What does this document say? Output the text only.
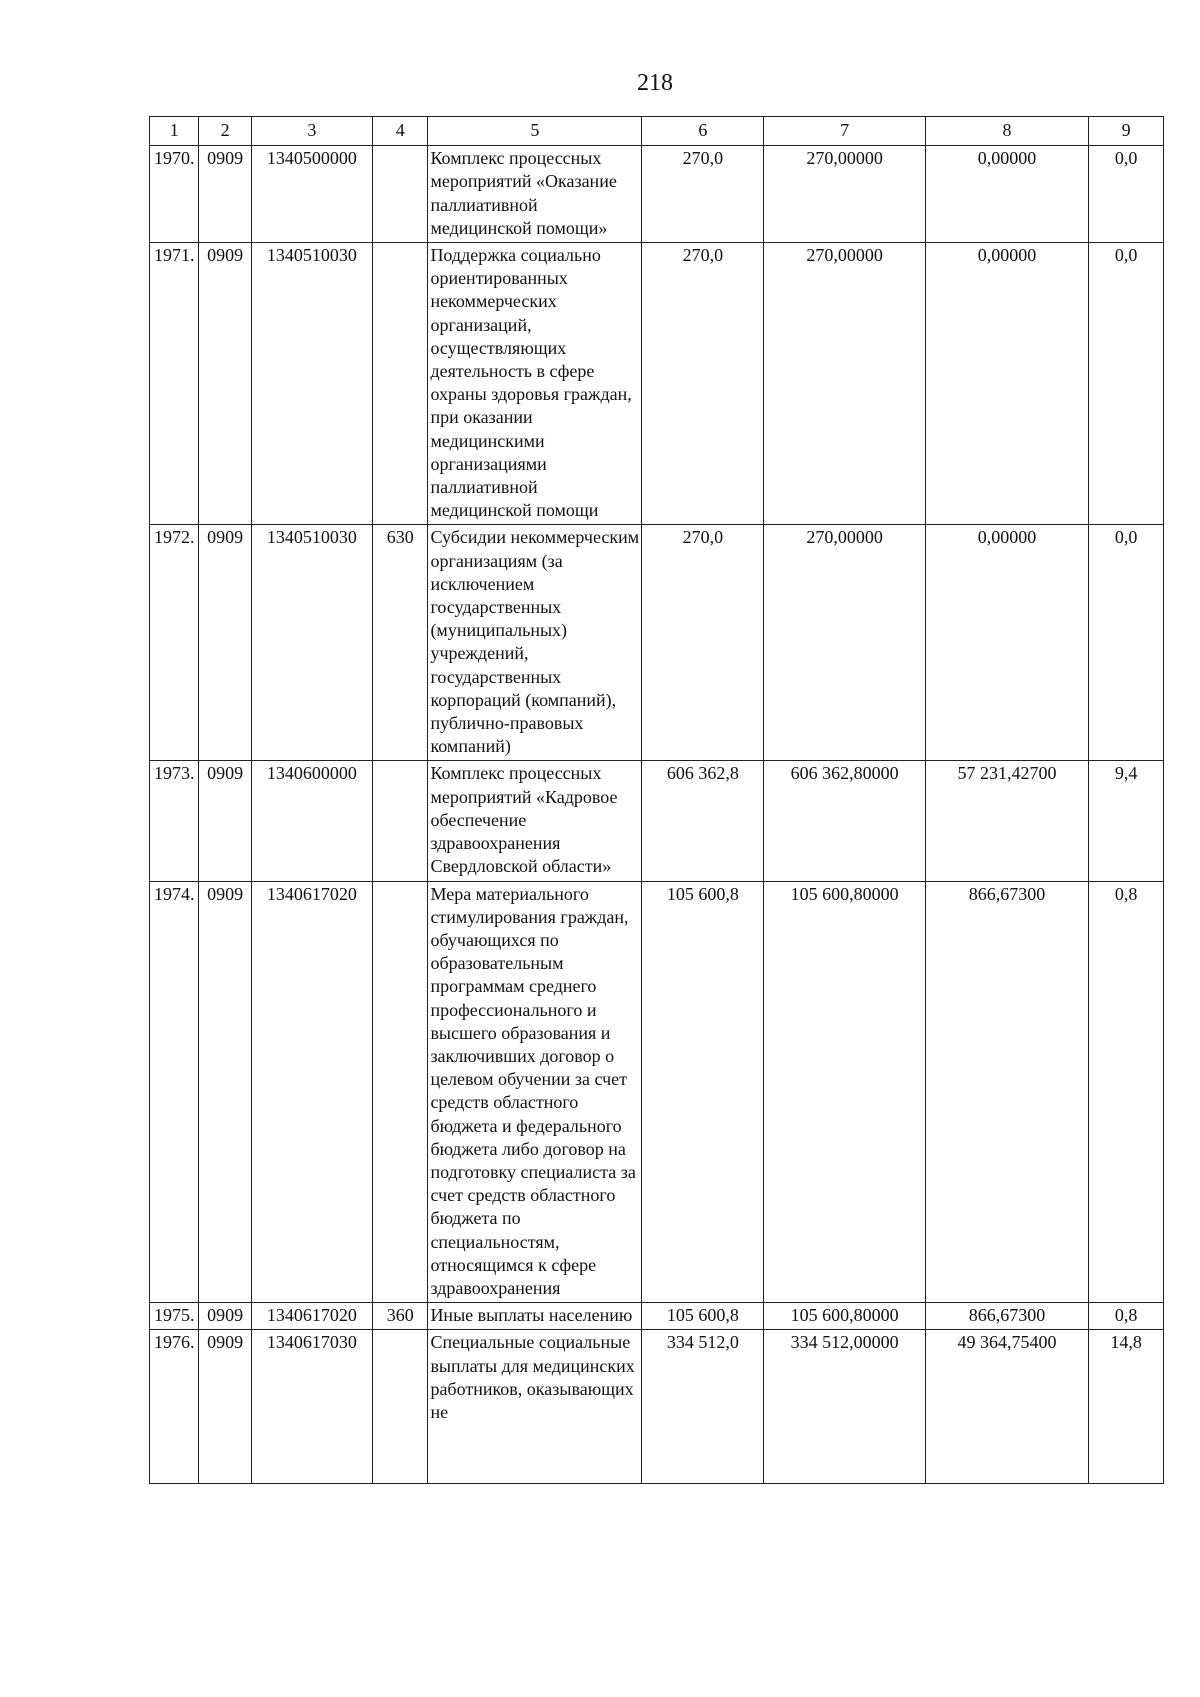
218
1	2	3	4	5	6	7	8	9
1970.	0909	1340500000		Комплекс процессных мероприятий «Оказание паллиативной медицинской помощи»	270,0	270,00000	0,00000	0,0
1971.	0909	1340510030		Поддержка социально ориентированных некоммерческих организаций, осуществляющих деятельность в сфере охраны здоровья граждан, при оказании медицинскими организациями паллиативной медицинской помощи	270,0	270,00000	0,00000	0,0
1972.	0909	1340510030	630	Субсидии некоммерческим организациям (за исключением государственных (муниципальных) учреждений, государственных корпораций (компаний), публично-правовых компаний)	270,0	270,00000	0,00000	0,0
1973.	0909	1340600000		Комплекс процессных мероприятий «Кадровое обеспечение здравоохранения Свердловской области»	606 362,8	606 362,80000	57 231,42700	9,4
1974.	0909	1340617020		Мера материального стимулирования граждан, обучающихся по образовательным программам среднего профессионального и высшего образования и заключивших договор о целевом обучении за счет средств областного бюджета и федерального бюджета либо договор на подготовку специалиста за счет средств областного бюджета по специальностям, относящимся к сфере здравоохранения	105 600,8	105 600,80000	866,67300	0,8
1975.	0909	1340617020	360	Иные выплаты населению	105 600,8	105 600,80000	866,67300	0,8
1976.	0909	1340617030		Специальные социальные выплаты для медицинских работников, оказывающих не	334 512,0	334 512,00000	49 364,75400	14,8
